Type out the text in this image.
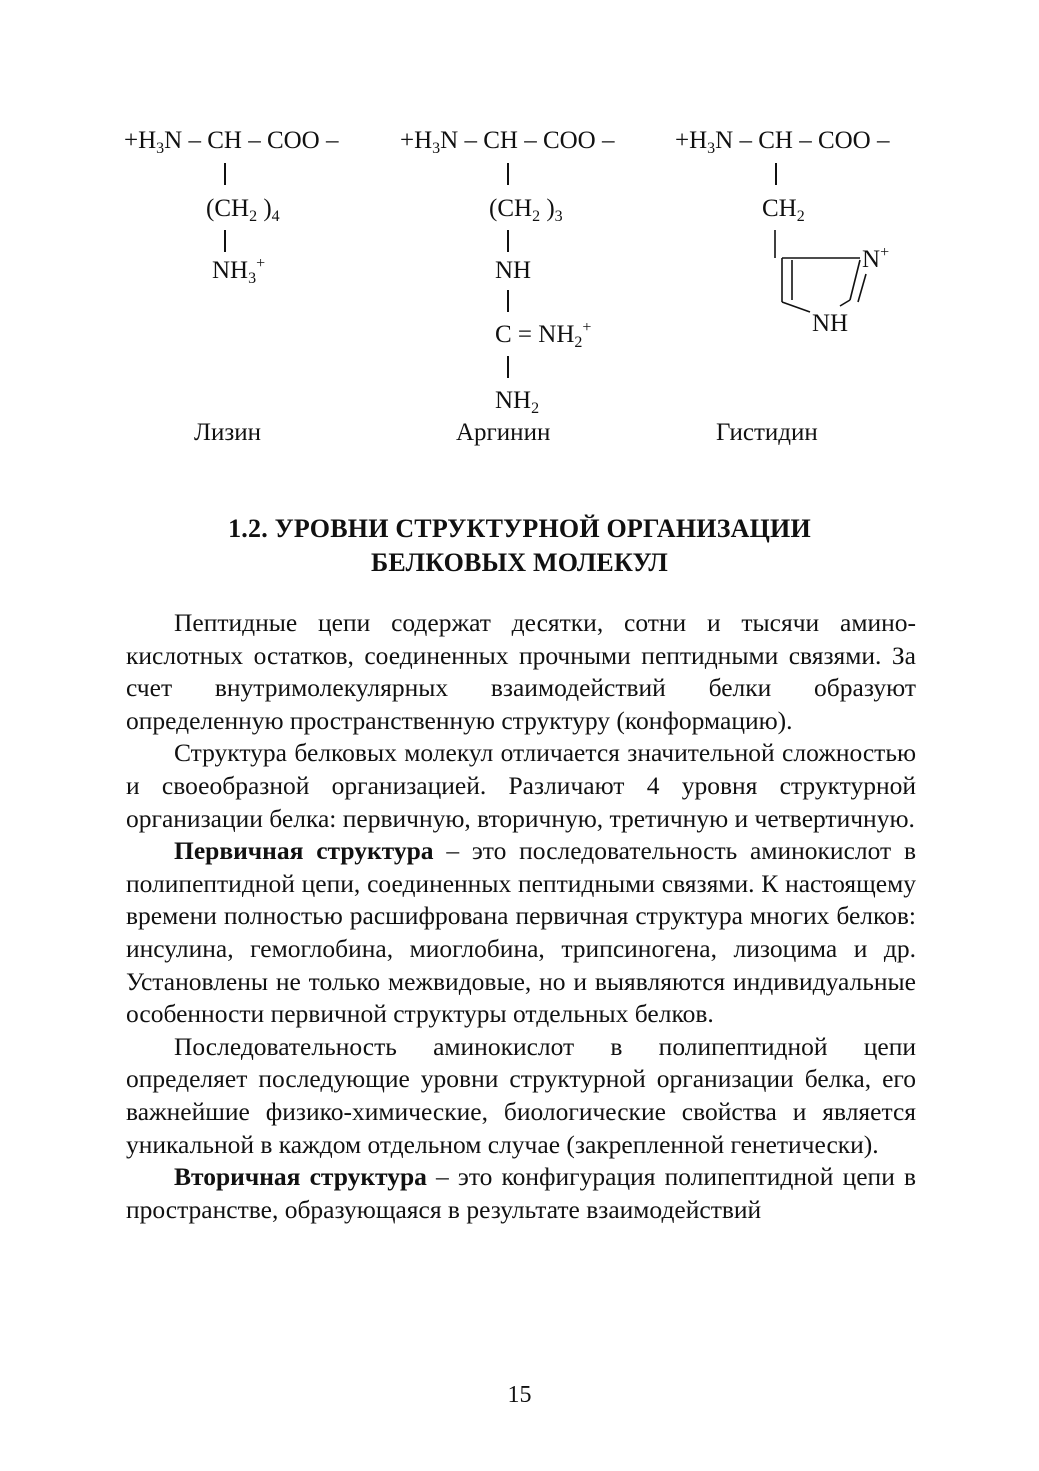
$+H_3N$ – CH – COO –
($CH_2$ )$_4$
$NH_3^+$
Лизин
$+H_3N$ – CH – COO –
($CH_2$ )$_3$
NH
$C = NH_2^+$
$NH_2$
Аргинин
$+H_3N$ – CH – COO –
$CH_2$
N+
NH
Гистидин
1.2. УРОВНИ СТРУКТУРНОЙ ОРГАНИЗАЦИИ
БЕЛКОВЫХ МОЛЕКУЛ

Пептидные цепи содержат десятки, сотни и тысячи аминокислотных остатков, соединенных прочными пептидными связями. За счет внутримолекулярных взаимодействий белки образуют определенную пространственную структуру (конформацию).

Структура белковых молекул отличается значительной сложностью и своеобразной организацией. Различают 4 уровня структурной организации белка: первичную, вторичную, третичную и четвертичную.

Первичная структура – это последовательность аминокислот в полипептидной цепи, соединенных пептидными связями. К настоящему времени полностью расшифрована первичная структура многих белков: инсулина, гемоглобина, миоглобина, трипсиногена, лизоцима и др. Установлены не только межвидовые, но и выявляются индивидуальные особенности первичной структуры отдельных белков.

Последовательность аминокислот в полипептидной цепи определяет последующие уровни структурной организации белка, его важнейшие физико-химические, биологические свойства и является уникальной в каждом отдельном случае (закрепленной генетически).

Вторичная структура – это конфигурация полипептидной цепи в пространстве, образующаяся в результате взаимодействий

15
